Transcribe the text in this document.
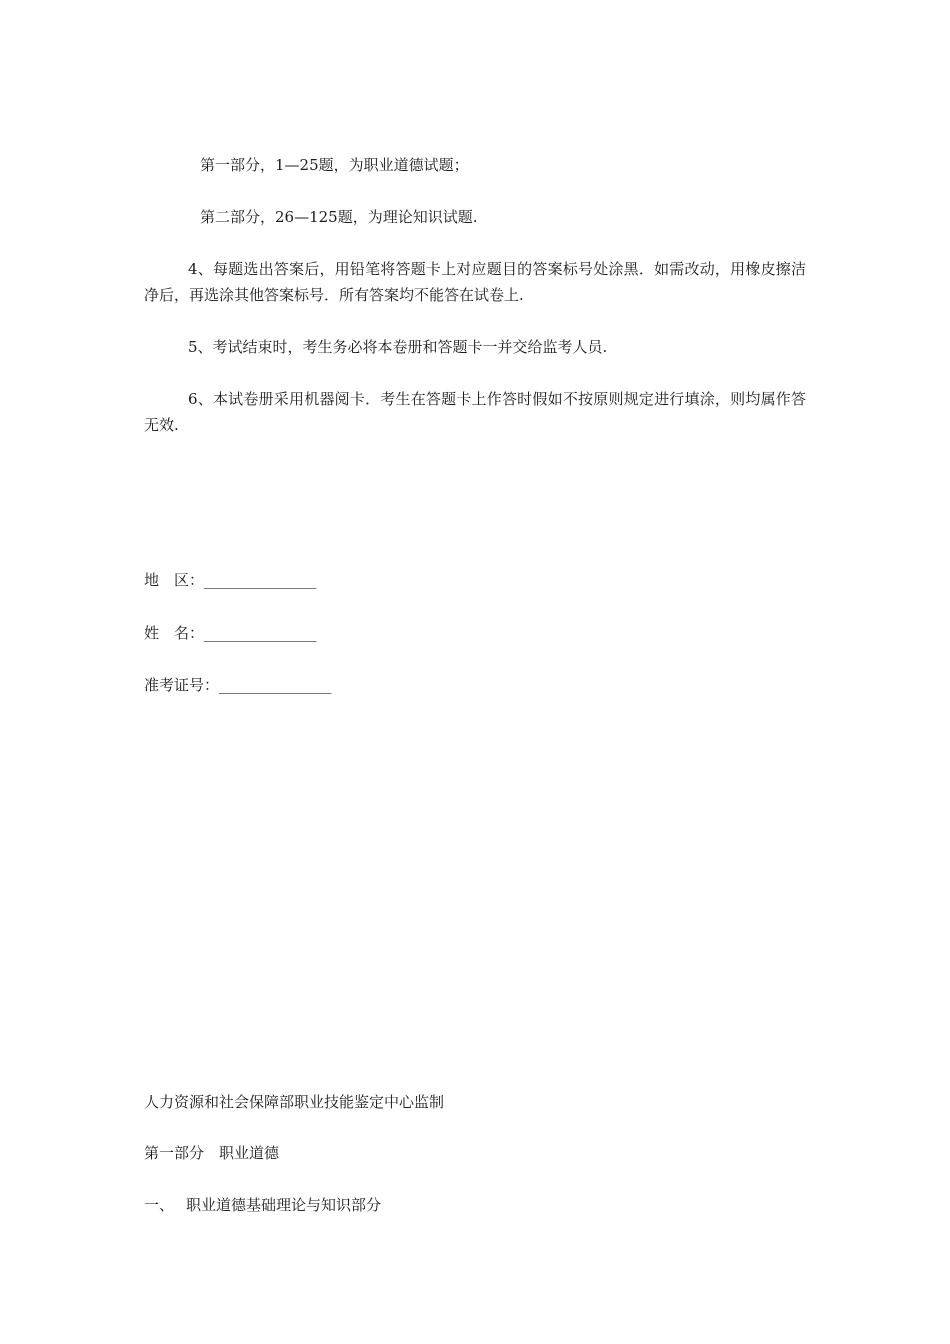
第一部分，1—25题，为职业道德试题；
第二部分，26—125题，为理论知识试题.
4、每题选出答案后，用铅笔将答题卡上对应题目的答案标号处涂黑．如需改动，用橡皮擦洁净后，再选涂其他答案标号．所有答案均不能答在试卷上.
5、考试结束时，考生务必将本卷册和答题卡一并交给监考人员.
6、本试卷册采用机器阅卡．考生在答题卡上作答时假如不按原则规定进行填涂，则均属作答无效.
地　区：_______________
姓　名：_______________
准考证号：_______________
人力资源和社会保障部职业技能鉴定中心监制
第一部分　职业道德
一、 职业道德基础理论与知识部分
